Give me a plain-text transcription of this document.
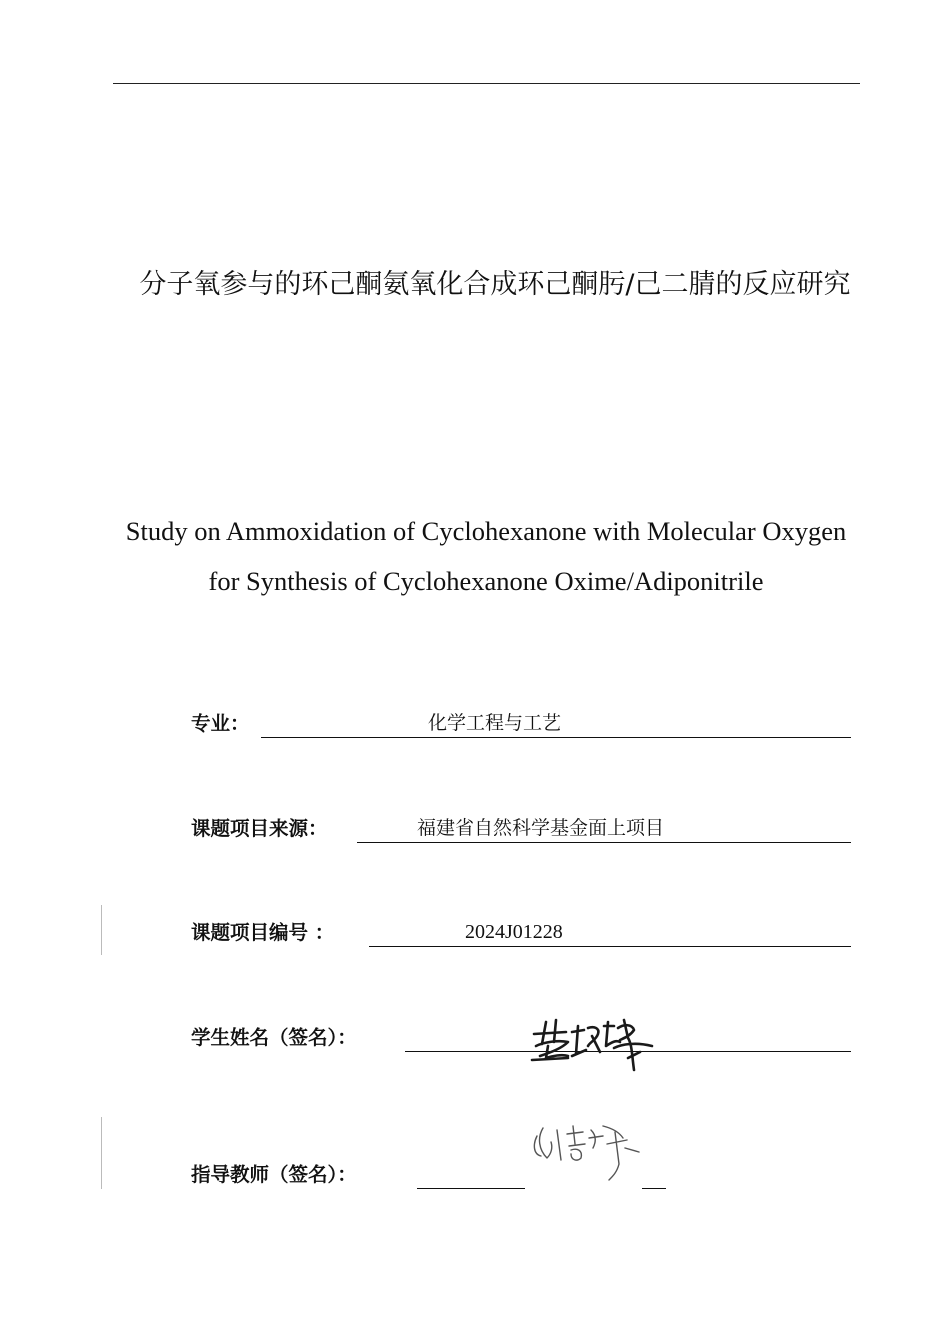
分子氧参与的环己酮氨氧化合成环己酮肟/己二腈的反应研究
Study on Ammoxidation of Cyclohexanone with Molecular Oxygen for Synthesis of Cyclohexanone Oxime/Adiponitrile
专业：	化学工程与工艺
课题项目来源：	福建省自然科学基金面上项目
课题项目编号 ：	2024J01228
学生姓名（签名）：
指导教师（签名）：
